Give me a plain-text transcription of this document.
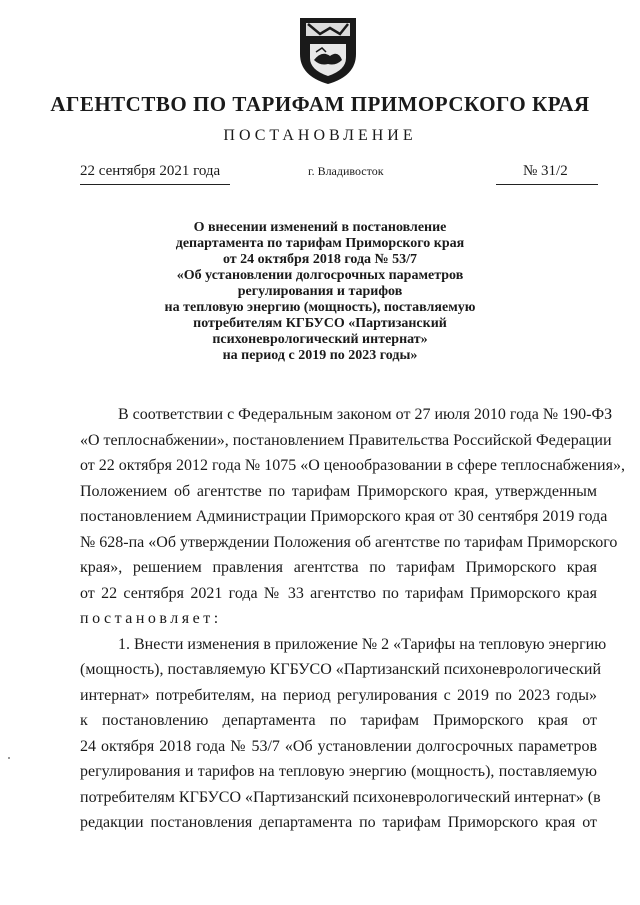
АГЕНТСТВО ПО ТАРИФАМ ПРИМОРСКОГО КРАЯ
ПОСТАНОВЛЕНИЕ
22 сентября 2021 года	г. Владивосток	№ 31/2
О внесении изменений в постановление
департамента по тарифам Приморского края
от 24 октября 2018 года № 53/7
«Об установлении долгосрочных параметров
регулирования и тарифов
на тепловую энергию (мощность), поставляемую
потребителям КГБУСО «Партизанский
психоневрологический интернат»
на период с 2019 по 2023 годы»
В соответствии с Федеральным законом от 27 июля 2010 года № 190-ФЗ
«О теплоснабжении», постановлением Правительства Российской Федерации
от 22 октября 2012 года № 1075 «О ценообразовании в сфере теплоснабжения»,
Положением об агентстве по тарифам Приморского края, утвержденным
постановлением Администрации Приморского края от 30 сентября 2019 года
№ 628-па «Об утверждении Положения об агентстве по тарифам Приморского
края», решением правления агентства по тарифам Приморского края
от 22 сентября 2021 года № 33 агентство по тарифам Приморского края
постановляет:
1. Внести изменения в приложение № 2 «Тарифы на тепловую энергию
(мощность), поставляемую КГБУСО «Партизанский психоневрологический
интернат» потребителям, на период регулирования с 2019 по 2023 годы»
к постановлению департамента по тарифам Приморского края от
24 октября 2018 года № 53/7 «Об установлении долгосрочных параметров
регулирования и тарифов на тепловую энергию (мощность), поставляемую
потребителям КГБУСО «Партизанский психоневрологический интернат» (в
редакции постановления департамента по тарифам Приморского края от
